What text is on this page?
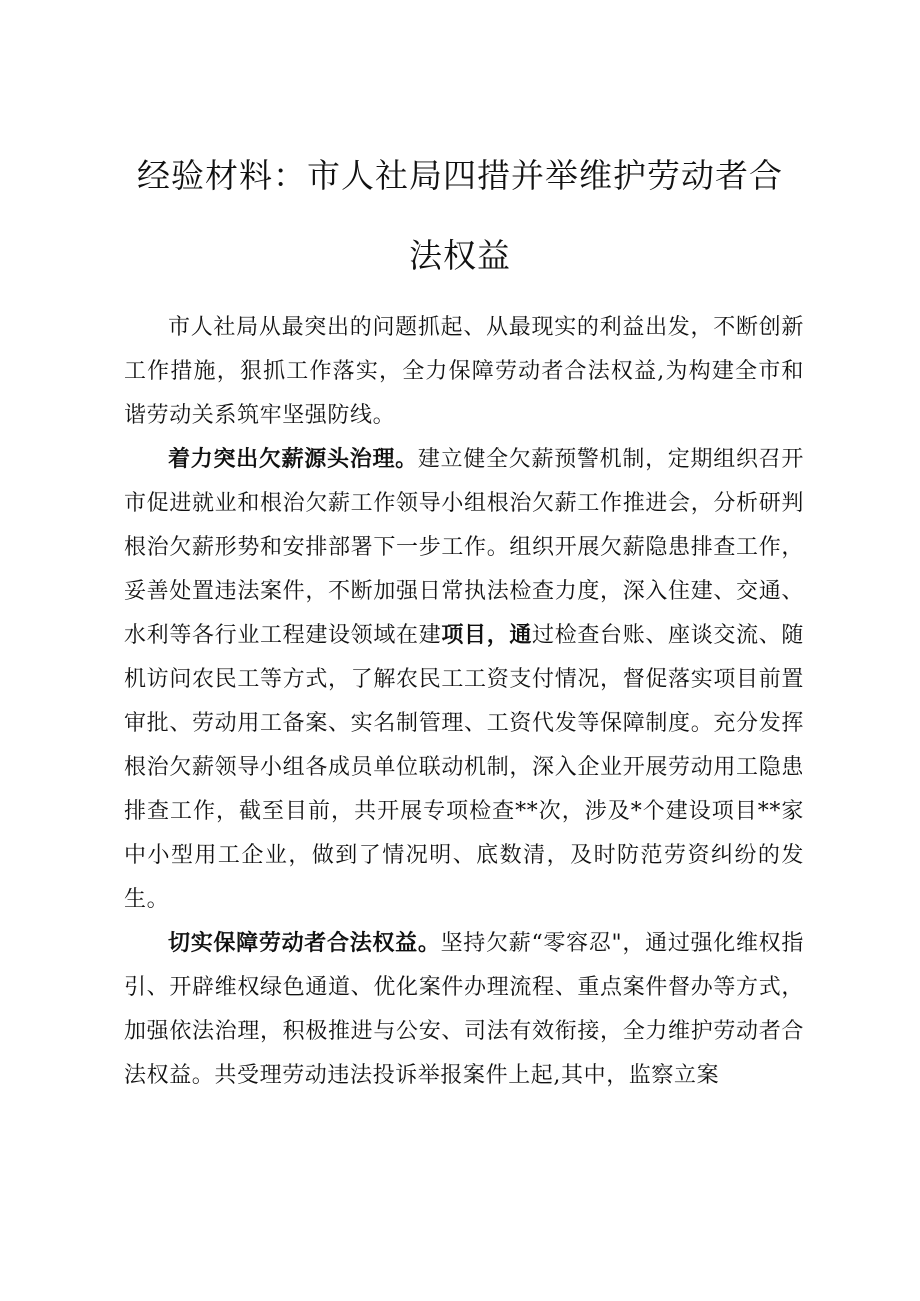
经验材料：市人社局四措并举维护劳动者合
法权益

市人社局从最突出的问题抓起、从最现实的利益出发，不断创新工作措施，狠抓工作落实，全力保障劳动者合法权益,为构建全市和谐劳动关系筑牢坚强防线。

着力突出欠薪源头治理。建立健全欠薪预警机制，定期组织召开市促进就业和根治欠薪工作领导小组根治欠薪工作推进会，分析研判根治欠薪形势和安排部署下一步工作。组织开展欠薪隐患排查工作，妥善处置违法案件，不断加强日常执法检查力度，深入住建、交通、水利等各行业工程建设领域在建项目，通过检查台账、座谈交流、随机访问农民工等方式，了解农民工工资支付情况，督促落实项目前置审批、劳动用工备案、实名制管理、工资代发等保障制度。充分发挥根治欠薪领导小组各成员单位联动机制，深入企业开展劳动用工隐患排查工作，截至目前，共开展专项检查**次，涉及*个建设项目**家中小型用工企业，做到了情况明、底数清，及时防范劳资纠纷的发生。

切实保障劳动者合法权益。坚持欠薪“零容忍"，通过强化维权指引、开辟维权绿色通道、优化案件办理流程、重点案件督办等方式，加强依法治理，积极推进与公安、司法有效衔接，全力维护劳动者合法权益。共受理劳动违法投诉举报案件上起,其中，监察立案
